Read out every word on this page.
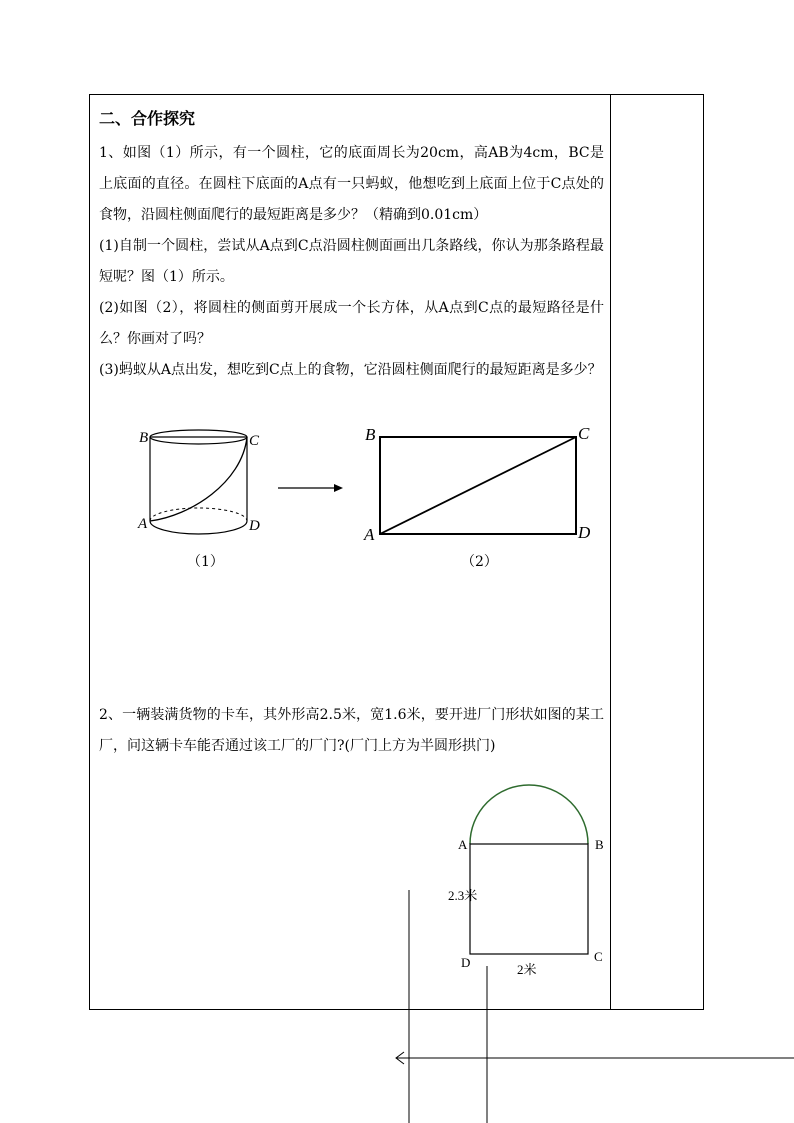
二、合作探究
1、如图（1）所示，有一个圆柱，它的底面周长为20cm，高AB为4cm，BC是上底面的直径。在圆柱下底面的A点有一只蚂蚁，他想吃到上底面上位于C点处的食物，沿圆柱侧面爬行的最短距离是多少？（精确到0.01cm）
(1)自制一个圆柱，尝试从A点到C点沿圆柱侧面画出几条路线，你认为那条路程最短呢？图（1）所示。
(2)如图（2），将圆柱的侧面剪开展成一个长方体，从A点到C点的最短路径是什么？你画对了吗？
(3)蚂蚁从A点出发，想吃到C点上的食物，它沿圆柱侧面爬行的最短距离是多少？
B	C
A	D
（1）
B	C
A	D
（2）
2、一辆装满货物的卡车，其外形高2.5米，宽1.6米，要开进厂门形状如图的某工厂，问这辆卡车能否通过该工厂的厂门?(厂门上方为半圆形拱门)
A	B
C
D
2.3米
2米
